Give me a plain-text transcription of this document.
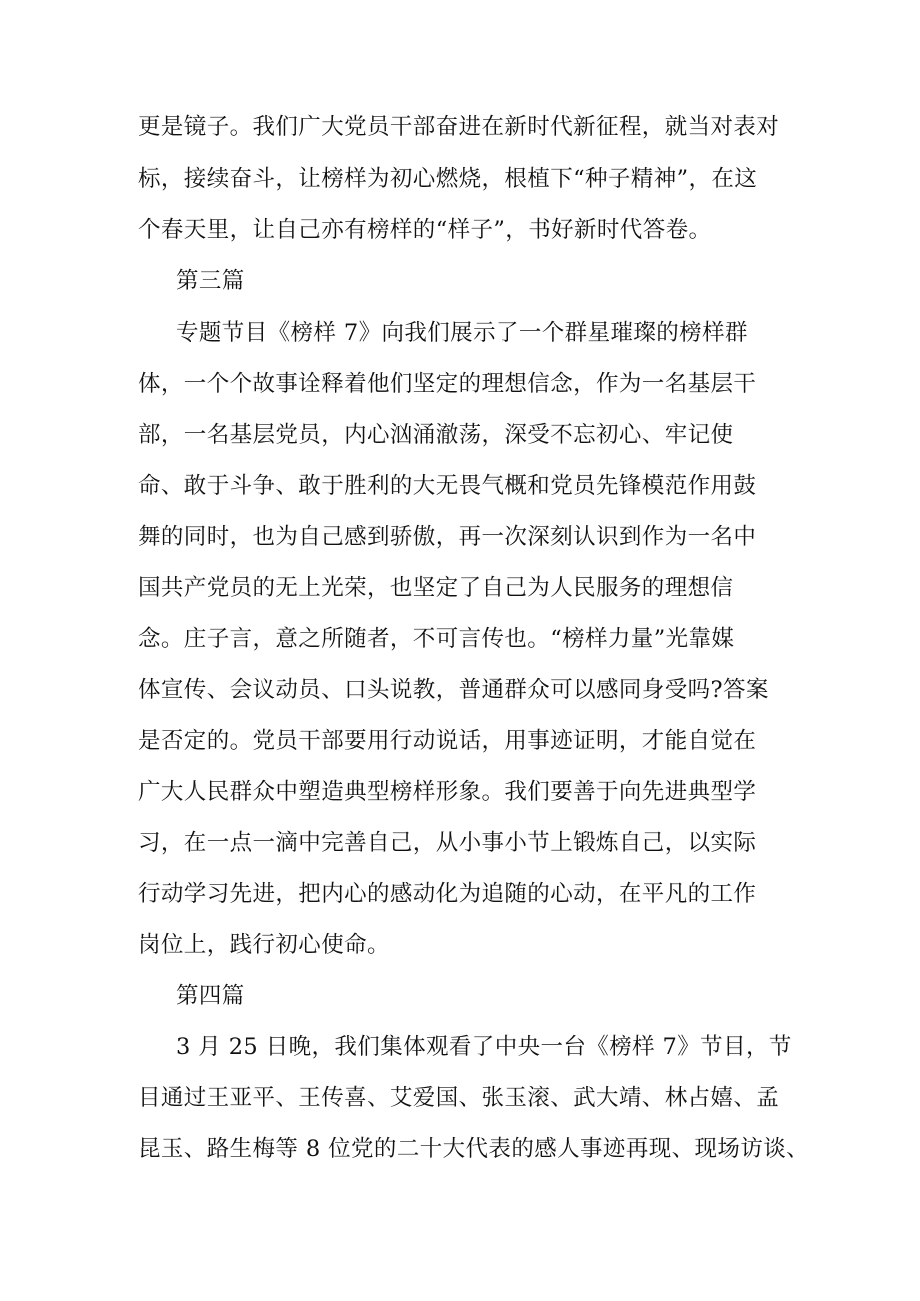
更是镜子。我们广大党员干部奋进在新时代新征程，就当对表对
标，接续奋斗，让榜样为初心燃烧，根植下“种子精神”，在这
个春天里，让自己亦有榜样的“样子”，书好新时代答卷。
第三篇
专题节目《榜样 7》向我们展示了一个群星璀璨的榜样群
体，一个个故事诠释着他们坚定的理想信念，作为一名基层干
部，一名基层党员，内心汹涌澈荡，深受不忘初心、牢记使
命、敢于斗争、敢于胜利的大无畏气概和党员先锋模范作用鼓
舞的同时，也为自己感到骄傲，再一次深刻认识到作为一名中
国共产党员的无上光荣，也坚定了自己为人民服务的理想信
念。庄子言，意之所随者，不可言传也。“榜样力量”光靠媒
体宣传、会议动员、口头说教，普通群众可以感同身受吗?答案
是否定的。党员干部要用行动说话，用事迹证明，才能自觉在
广大人民群众中塑造典型榜样形象。我们要善于向先进典型学
习，在一点一滴中完善自己，从小事小节上锻炼自己，以实际
行动学习先进，把内心的感动化为追随的心动，在平凡的工作
岗位上，践行初心使命。
第四篇
3 月 25 日晚，我们集体观看了中央一台《榜样 7》节目，节
目通过王亚平、王传喜、艾爱国、张玉滚、武大靖、林占嬉、孟
昆玉、路生梅等 8 位党的二十大代表的感人事迹再现、现场访谈、
